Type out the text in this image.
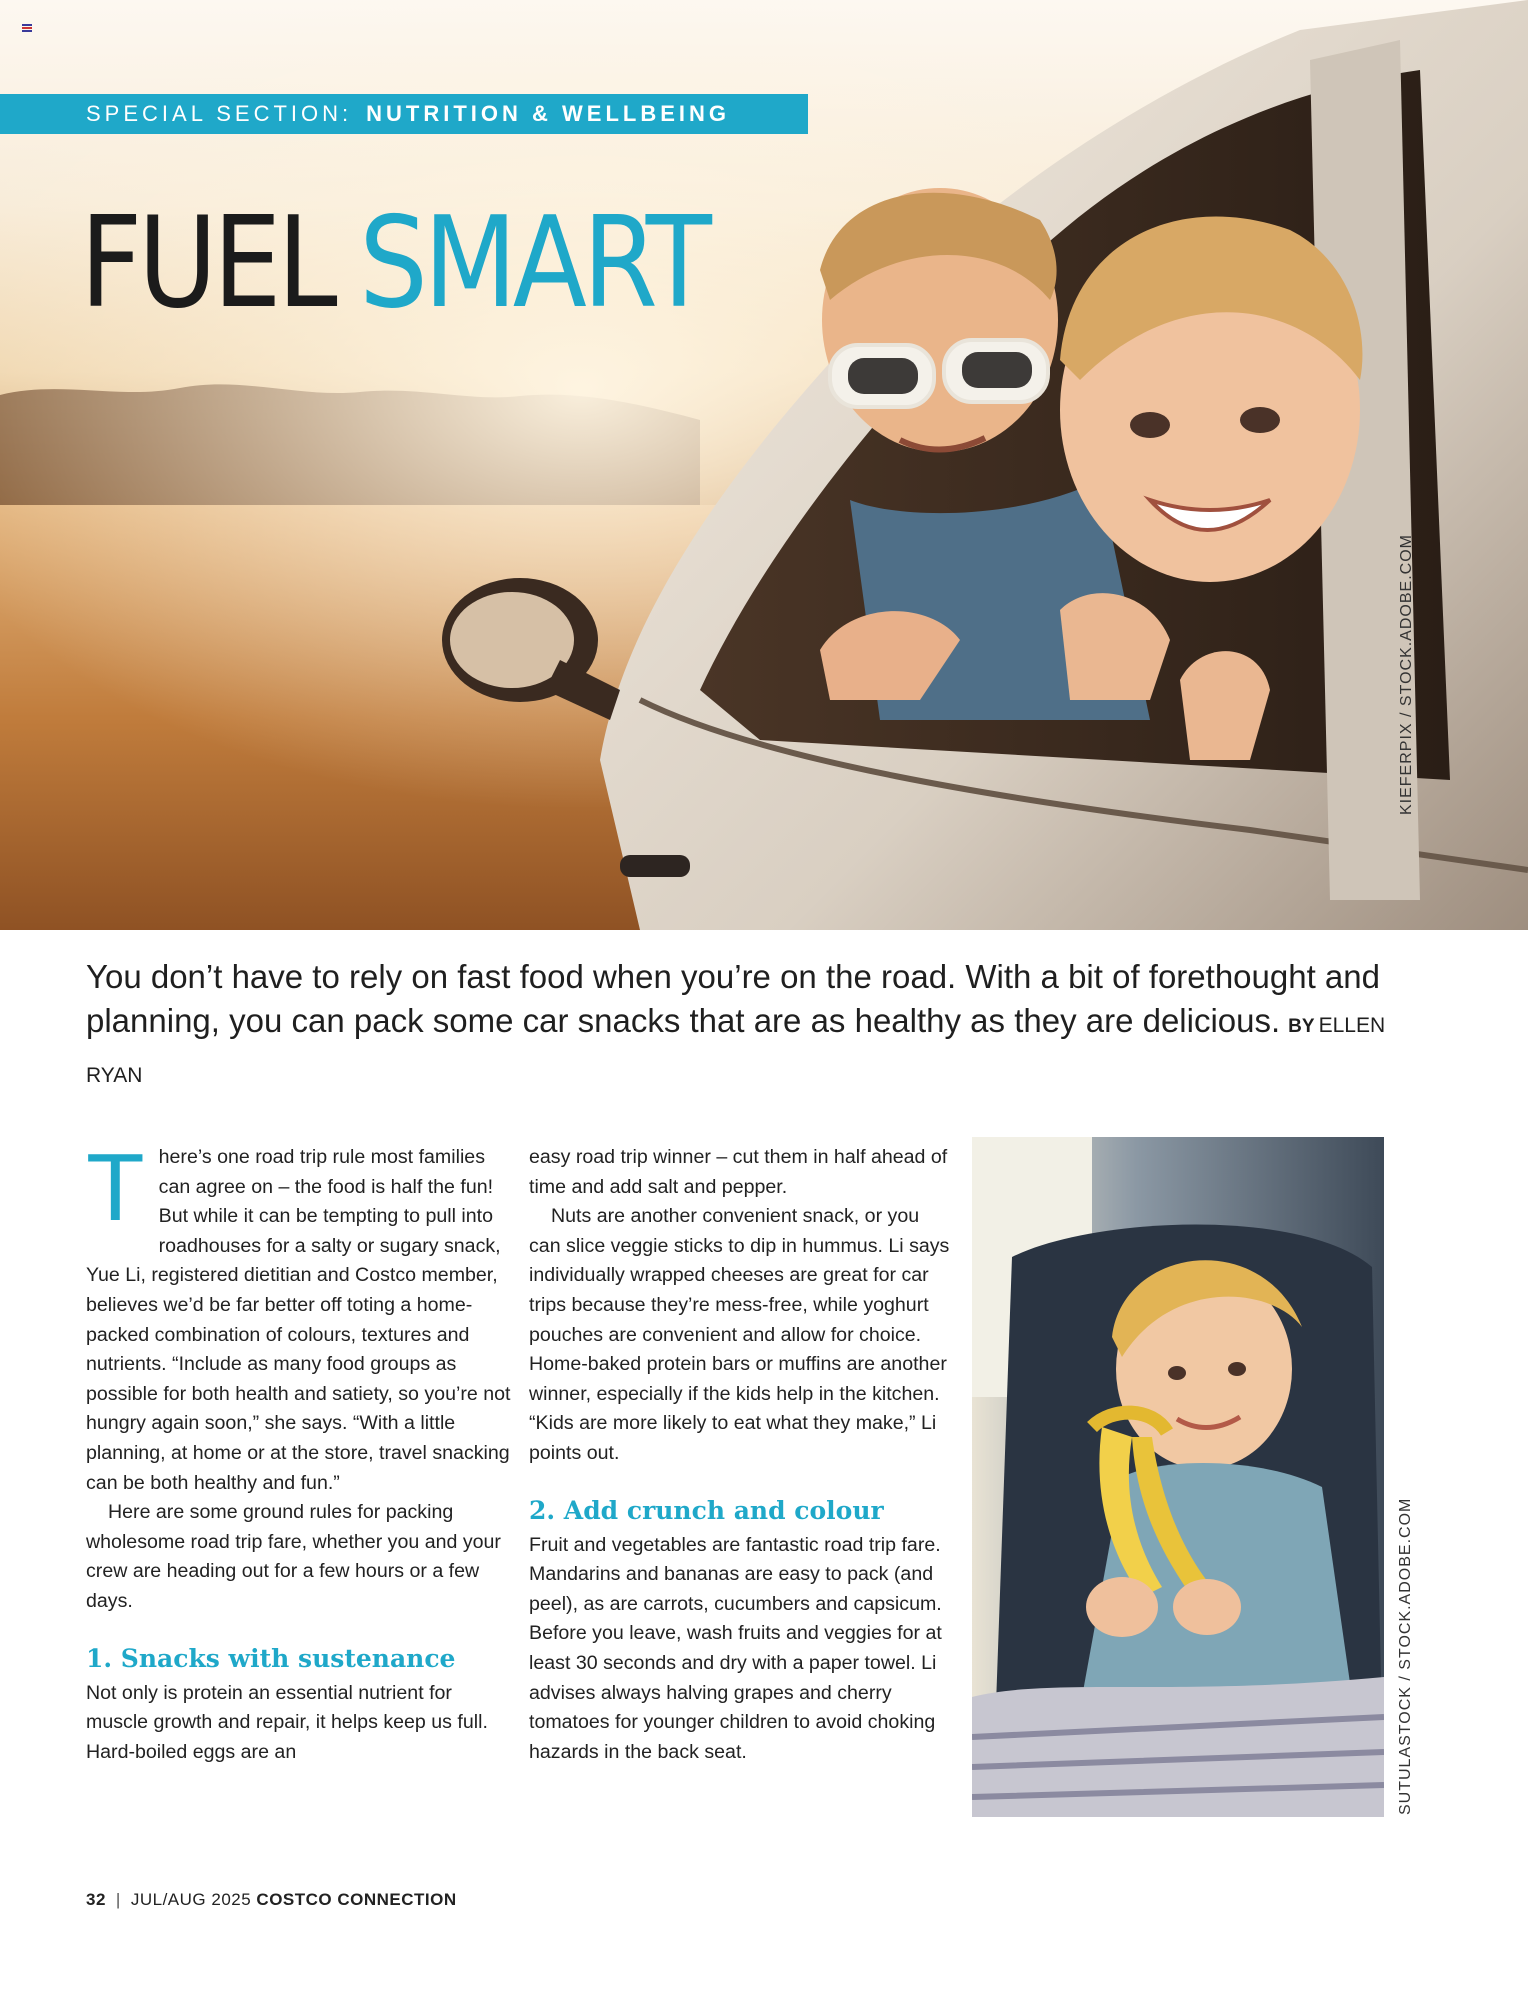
SPECIAL SECTION: NUTRITION & WELLBEING
FUEL SMART
KIEFERPIX / STOCK.ADOBE.COM
You don’t have to rely on fast food when you’re on the road. With a bit of forethought and planning, you can pack some car snacks that are as healthy as they are delicious. BY ELLEN RYAN

There’s one road trip rule most families can agree on – the food is half the fun! But while it can be tempting to pull into roadhouses for a salty or sugary snack, Yue Li, registered dietitian and Costco member, believes we’d be far better off toting a home-packed combination of colours, textures and nutrients. “Include as many food groups as possible for both health and satiety, so you’re not hungry again soon,” she says. “With a little planning, at home or at the store, travel snacking can be both healthy and fun.”

Here are some ground rules for packing wholesome road trip fare, whether you and your crew are heading out for a few hours or a few days.

1. Snacks with sustenance

Not only is protein an essential nutrient for muscle growth and repair, it helps keep us full. Hard-boiled eggs are an

easy road trip winner – cut them in half ahead of time and add salt and pepper.

Nuts are another convenient snack, or you can slice veggie sticks to dip in hummus. Li says individually wrapped cheeses are great for car trips because they’re mess-free, while yoghurt pouches are convenient and allow for choice. Home-baked protein bars or muffins are another winner, especially if the kids help in the kitchen. “Kids are more likely to eat what they make,” Li points out.

2. Add crunch and colour

Fruit and vegetables are fantastic road trip fare. Mandarins and bananas are easy to pack (and peel), as are carrots, cucumbers and capsicum. Before you leave, wash fruits and veggies for at least 30 seconds and dry with a paper towel. Li advises always halving grapes and cherry tomatoes for younger children to avoid choking hazards in the back seat.	SUTULASTOCK / STOCK.ADOBE.COM
32 | JUL/AUG 2025 COSTCO CONNECTION
